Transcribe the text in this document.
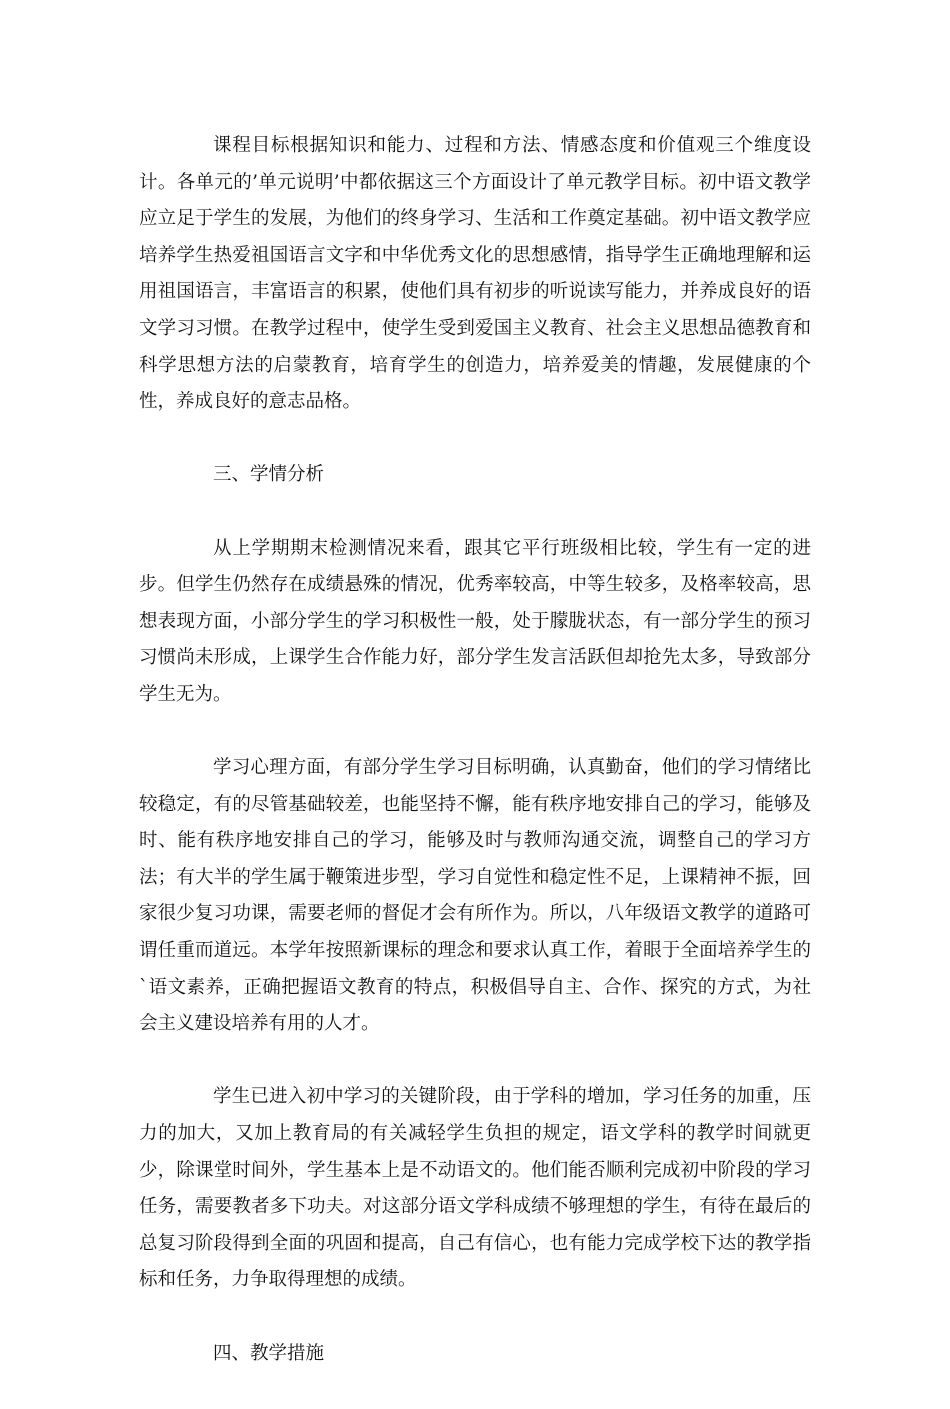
课程目标根据知识和能力、过程和方法、情感态度和价值观三个维度设计。各单元的’单元说明’中都依据这三个方面设计了单元教学目标。初中语文教学应立足于学生的发展，为他们的终身学习、生活和工作奠定基础。初中语文教学应培养学生热爱祖国语言文字和中华优秀文化的思想感情，指导学生正确地理解和运用祖国语言，丰富语言的积累，使他们具有初步的听说读写能力，并养成良好的语文学习习惯。在教学过程中，使学生受到爱国主义教育、社会主义思想品德教育和科学思想方法的启蒙教育，培育学生的创造力，培养爱美的情趣，发展健康的个性，养成良好的意志品格。

三、学情分析

从上学期期末检测情况来看，跟其它平行班级相比较，学生有一定的进步。但学生仍然存在成绩悬殊的情况，优秀率较高，中等生较多，及格率较高，思想表现方面，小部分学生的学习积极性一般，处于朦胧状态，有一部分学生的预习习惯尚未形成，上课学生合作能力好，部分学生发言活跃但却抢先太多，导致部分学生无为。

学习心理方面，有部分学生学习目标明确，认真勤奋，他们的学习情绪比较稳定，有的尽管基础较差，也能坚持不懈，能有秩序地安排自己的学习，能够及时、能有秩序地安排自己的学习，能够及时与教师沟通交流，调整自己的学习方法；有大半的学生属于鞭策进步型，学习自觉性和稳定性不足，上课精神不振，回家很少复习功课，需要老师的督促才会有所作为。所以，八年级语文教学的道路可谓任重而道远。本学年按照新课标的理念和要求认真工作，着眼于全面培养学生的`语文素养，正确把握语文教育的特点，积极倡导自主、合作、探究的方式，为社会主义建设培养有用的人才。

学生已进入初中学习的关键阶段，由于学科的增加，学习任务的加重，压力的加大，又加上教育局的有关减轻学生负担的规定，语文学科的教学时间就更少，除课堂时间外，学生基本上是不动语文的。他们能否顺利完成初中阶段的学习任务，需要教者多下功夫。对这部分语文学科成绩不够理想的学生，有待在最后的总复习阶段得到全面的巩固和提高，自己有信心，也有能力完成学校下达的教学指标和任务，力争取得理想的成绩。

四、教学措施
